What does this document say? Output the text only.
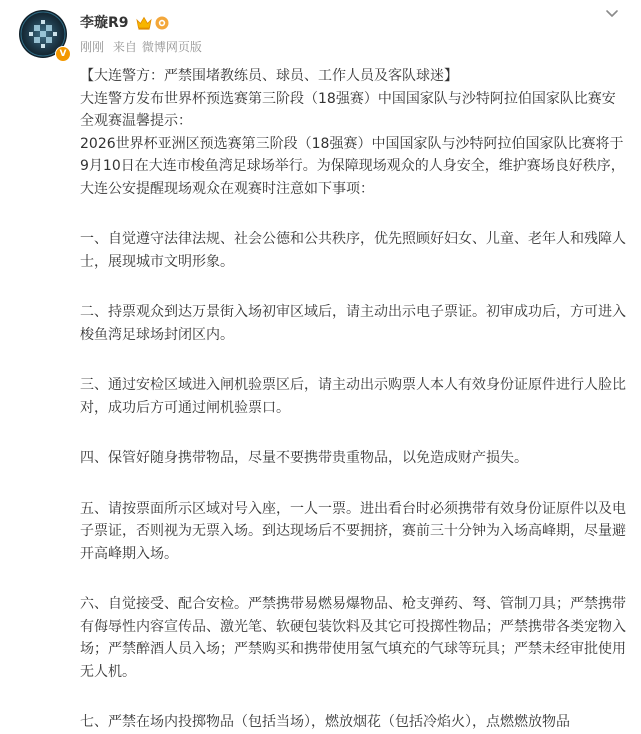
V
李璇R9
刚刚 来自 微博网页版

【大连警方：严禁围堵教练员、球员、工作人员及客队球迷】

大连警方发布世界杯预选赛第三阶段（18强赛）中国国家队与沙特阿拉伯国家队比赛安全观赛温馨提示：

2026世界杯亚洲区预选赛第三阶段（18强赛）中国国家队与沙特阿拉伯国家队比赛将于9月10日在大连市梭鱼湾足球场举行。为保障现场观众的人身安全，维护赛场良好秩序，大连公安提醒现场观众在观赛时注意如下事项：

一、自觉遵守法律法规、社会公德和公共秩序，优先照顾好妇女、儿童、老年人和残障人士，展现城市文明形象。

二、持票观众到达万景街入场初审区域后，请主动出示电子票证。初审成功后，方可进入梭鱼湾足球场封闭区内。

三、通过安检区域进入闸机验票区后，请主动出示购票人本人有效身份证原件进行人脸比对，成功后方可通过闸机验票口。

四、保管好随身携带物品，尽量不要携带贵重物品，以免造成财产损失。

五、请按票面所示区域对号入座，一人一票。进出看台时必须携带有效身份证原件以及电子票证，否则视为无票入场。到达现场后不要拥挤，赛前三十分钟为入场高峰期，尽量避开高峰期入场。

六、自觉接受、配合安检。严禁携带易燃易爆物品、枪支弹药、弩、管制刀具；严禁携带有侮辱性内容宣传品、激光笔、软硬包装饮料及其它可投掷性物品；严禁携带各类宠物入场；严禁醉酒人员入场；严禁购买和携带使用氢气填充的气球等玩具；严禁未经审批使用无人机。

七、严禁在场内投掷物品（包括当场），燃放烟花（包括冷焰火），点燃燃放物品
